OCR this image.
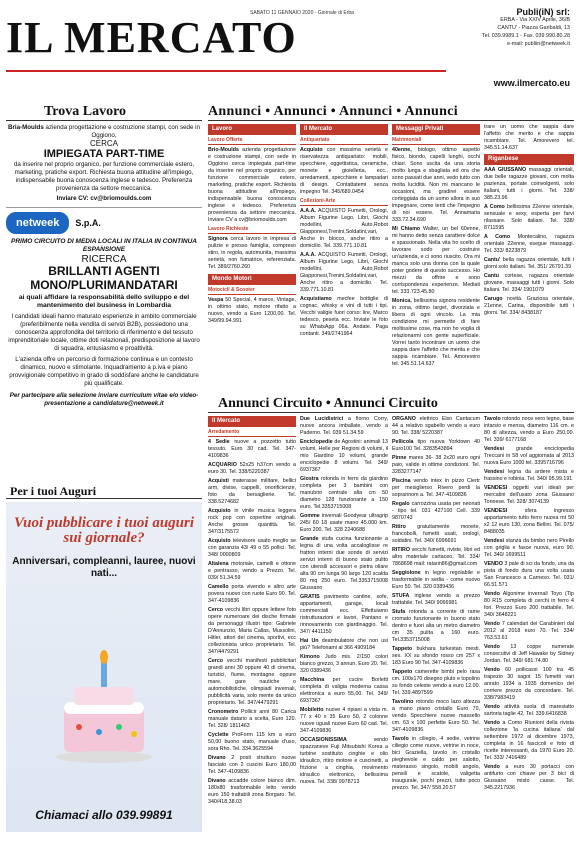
IL MERCATO
SABATO 11 GENNAIO 2020 - Giornale di Erba	Publi(iN) srl:
ERBA - Via XXIV Aprile, 36/B
CANTU' - Piazza Garibaldi, 13
Tel. 039.9989.1 - Fax. 039.990.80.28
e-mail: publiin@netweek.it
www.ilmercato.eu
Trova Lavoro	Annunci • Annunci • Annunci • Annunci
Bria-Moulds azienda progettazione e costruzione stampi, con sede in Oggiono,
CERCA
IMPIEGATA PART-TIME
da inserire nel proprio organico, per funzione commerciale estero, marketing, pratiche export. Richiesta buona attitudine all'impiego, indispensabile buona conoscenza inglese e tedesco. Preferenza provenienza da settore meccanica.
Inviare CV: cv@briomoulds.com
netweek	S.p.A.
PRIMO CIRCUITO DI MEDIA LOCALI IN ITALIA IN CONTINUA ESPANSIONE
RICERCA
BRILLANTI AGENTI MONO/PLURIMANDATARI
ai quali affidare la responsabilità dello sviluppo e del mantenimento del business in Lombardia
I candidati ideali hanno maturato esperienze in ambito commerciale (preferibilmente nella vendita di servizi B2B), possiedono una conoscenza approfondita del territorio di riferimento e del tessuto imprenditoriale locale, ottime doti relazionali, predisposizione al lavoro di squadra, entusiasmo e proattività.
L'azienda offre un percorso di formazione continua e un contesto dinamico, nuovo e stimolante. Inquadramento a p.iva e piano provvigionale competitivo in grado di soddisfare anche le candidature più qualificate.
Per partecipare alla selezione inviare curriculum vitae e/o video-presentazione a candidature@netweek.it
Per i tuoi Auguri
Vuoi pubblicare i tuoi auguri sui giornale?
Anniversari, compleanni, lauree, nuovi nati...
Chiamaci allo 039.99891
Lavoro
Lavoro Offerte

Brio-Moulds azienda progettazione e costruzione stampi, con sede in Oggiono cerca impiegata part-time da inserire nel proprio organico, per funzione commerciale estero, marketing, pratiche export. Richiesta buona attitudine all'impiego, indispensabile buona conoscenza inglese e tedesco. Preferenza provenienza da settore meccanica. Inviare CV a cv@briomoulds.com

Lavoro Richieste

Signora cerca lavoro in impresa di pulizie e presso famiglia, compreso stiro, in regola, automunita, massima serietà, non fumatrice, referenziata. Tel. 389/2760.260

Mondo Motori
Motocicli & Scooter

Vespa 50 Special, 4 marce, Vintage, in ottimo stato, motore rifatto a nuovo, vendo a Euro 1200,00. Tel. 349/99.94.991

Il Mercato
Antiquariato

Acquisto con massima serietà e riservatezza antiquariato: mobili, specchiere, oggettistica, ceramiche, monete e gioielleria, ecc., arredamenti, specchiere e lampadari di design. Contattatemi senza impegno Tel. 345/689.0454

Collezioni-Arte

A.A.A. ACQUISTO Fumetti, Orologi, Album Figurine Lego, Libri, Giochi modellini, Auto,Robot Giapponesi,Trenini,Soldatini,vari, Anche in blocco, anche ritiro a domicilio. Tel. 339.771.10.81

A.A.A. ACQUISTO Fumetti, Orologi, Album Figurine Lego, Libri, Giochi modellini, Auto,Robot Giapponesi,Trenini,Soldatini,vari, Anche ritiro a domicilio. Tel. 339.771.10.81

Acquistiamo mecfee bottiglie di cognac, whisky e vini di tutti i tipi. Vecchi valigie fuori corso: lire, Marco tedesco, peseta ecc. Inviate le foto su WhatsApp 06a. Andate. Paga contanti. 349/2741964

Messaggi Privati
Matrimoniali

40enne, biologo, ottimo aspetto fisico, biondo, capelli lunghi, occhi chiari. Sono uscita da una storia molto lunga e sbagliata ed ora che sono passati due anni, vedo tutto con molta lucidità. Non mi mancano le occasioni, ma gradirei essere corteggiata da un uomo allora in suo impegnare, come tenti che l'impegno di noi essere. Tel. Annamaria 333.72.34.690

Mi Chiamo Walter, un bel 60enne, mi hanno detto senza carattere dolce e spassionato. Nella vita ho scelto di lavorare sodo per costruire un'azienda, e ci sono riuscito. Ora mi manca solo una donna con la quale poter godere di questo successo. Ho mezzi da offrire e sono corrispondenza esperienze. Mediati tel. 333.723.45.80

Monica, bellissima signora residente in zona, ottimo target, divorziata e libera di ogni vincolo. La mia condizione mi permette di fare moltissime cose, ma non ho voglia di relazionarmi con gente superficiale. Vorrei tanto incontrare un uomo che sappia dare l'affetto che merita e che sappia ricambiare. Tel. Amorevero tel. 345.51.14.637

trare un uomo che sappia dare l'affetto che merito e che sappia ricambiare. Tel. Amorevero tel. 345.51.14.637

Riganbese

AAA GIUSSANO massaggi orientali, due belle ragazze giovani, con molta pazienza, portate coinvolgenti, solo italiani, tutti i giorni. Tel. 338/ 385.23.96

A Como bellissima 22enne orientale, sensuale e sexy, esperta per farvi rilassare. Solo italiani. Tel. 338/ 8711595

A Como Montecalino, ragazza orientale 22enne, esegue massaggi. Tel. 333/ 8223879

Cantu' bella ragazza orientale, tutti i giorni solo italiani. Tel. 351/ 26791.39

Cantu cortese, ragazza orientale giovane, massaggi tutti i giorni. Solo italiani. Tel. 334/ 1901079

Carugo novità. Graziosa orientale, 21enne, Carina, disponibile tutti i giorni. Tel. 334/ 8438187

Annunci Circuito • Annunci Circuito
Il Mercato
Arredamento

4 Sedie nuove a pozzetto tutto tessuto. Euro 30 cad. Tel. 347-4109836

ACQUARIO 52x25 h37cm vendo a euro 30. Tel. 338/5220387

Acquisti materasse militare, bellici arm, divise, cappelli, onorificienze, foto da bersaglierie. Tel. 338.5274682

Acquisto in vinile musica leggera rock pop con copertine originali. Anche grosse quantità. Tel. 347/3175572

Acquisto televisore usato meglio se con garanzia 43/ 49 o 55 pollici. Tel. 348/ 0000809

Altalena motoriale, camelli e ottone e pentrasso, vendo a Prezzo. Tel. 039/ 51.34.59

Camello porta vivendo e altro arte povera nuovo con ruote Euro 90. Tel. 347-4109836

Cerco vecchi libri oppure lettere foto opere numeroare dei dische firmate da personaggi illustri tipo: Gabriele D'Annunzio, Maria Callas, Mussolini, Hitler, attori del cinema, sportivi, ecc collezionista unico proprietario. Tel. 347/4479291

Cerco vecchi manifesti pubblicitari grandi anni 30 oppure 40 di cinema, turistici, fiume, montagne oppure mare, gare nautiche o automobilistiche, olimpiadi invernali, pubblicità varia, solo mente da unico proprietario. Tel. 347/4479291

Cronometro Pollicir anni 80 Carica manuale datario a scelta, Euro 120. Tel. 328/ 1811463

Cyclette ProForm 115 km a euro 50,00 buono stato, manuale d'uso, sora Rho. Tel. 334.3625594

Divano 2 posti strutturo nuove fasciato con 2 cuscini Euro 180,00 Tel. 347-4109836

Divano accadde colore bianco dim. 180x80 trasformabile letto vendo euro 150 trattabili zona Borgaro. Tel. 340/418.38.03

Due Lucidistrici a fiorno Corry, nuove ancora imballate, vendo a Paderno. Tel. 039 51.34.59

Enciclopedie de Agostini: animali 13 volumi, Helle per Regioni di volumi, il mio Giardino 10 volumi, grande enciclopedie 8 volumi. Tel. 349/ 6937367

Giostra rotonda in ferro da giardino completa per 3 bambini con manubrio centrale alta cm 50 diametro 128 funzionante a 150 euro. Tel.3353715008

Gomme invernali Goodyear ultragrip 245/ 60 18 usate mano 45.000 km. Euro 200. Tel. 328 2240688

Grande stufa cucina funzionante a legna di una volta accaloglisse re fratton interni due sonde di servizi servizi interni di buono stato pulito con utensili accessori e pietra oliare alta 90 cm lunga 90 largo 120 scalda 80 mq 250 euro. Tel.3353715008 Giussano

GRATIS pavimento cantine, sofe, appartamenti, garage, locali commerciali ecc. Effettuiamo ristrutturazioni e lavori, Pantano e rinnovamento con giardinaggio. Tel. 347/ 4411150

Hai Un deambulatore che non usi più? Telefonami al 366 4909184

Kimono Judo mis. 2/150 colori bianco grezzo, 3 annun. Euro 20. Tel. 320 0389436

Macchina per cucire Borletti completa di valigia moderna cassa elettronica a euro 55,00. Tel. 349/ 6937367

Mobiletto nuove 4 ripiani a vista m. 77 x 40 x 35 Euro 50, 2 colonne nuove uguali nuove Euro 60 cad. Tel. 347-4109836

OCCASIONISSIMA	vendo spazzaneve Fuji Mitsubishi Korea a turbine sostituito cinghie e olio idraulico, ritiro motore e cuscinetti, a frizione a cinghia, movimento idraulico elettronico, bellissima nuova. Tel. 338/ 9978713

ORGANO elettrico Elso Cantacum 44 a relativo sgabello vendo a euro 90. Tel. 338/ 5220387

Pellicola tipo nuova Yorktown 40 Euro100 Tel. 3283543894

Pinne mares 36- 38 2x20 euro ogni paio, valide in ottime condizioni. Tel. 3283277147

Piscina vendo intex in pizzo Ciertr per mesiglierso Rivero perdi la soprannom a. Tel. 347-4109836

Regalo carrozzina usata per neonati - tipo tel. 031 427100 Cell. 339 9870743

Ritiro gratuitamente monete, francobolli, fumetti usati, orologi, soldatini. Tel. 340/ 6996691

RITIRO vecchi fumetti, riviste, libri ed altro materiale cartaceo. Tel. 334/ 7868698 mail: ratarin86@gmail.com

Seggiolone in legno regolabile e trasformabile in sedia - come nuovo Euro 50. Tel. 320 0389436

STUFA inglese vendo a prezzo trattabile. Tel. 340/ 9066981

Stufa rotonda a corrente di rame cromato funzionante in buono stato dentro e fuori alta un metro diametro cm 35 pulita a 160 euro. Tel.3353715008

Tappeto bukhara turkestan mesti. sex. XX su sfondo rosso cm 257 x 183 Euro 90 Tel. 347-4109836

Tappeto camerette bimbi pelo rasa cm. 100x170 disegno pluto e topolino su fondo celeste vendo a euro 12.00. Tel. 339.4897599

Tavolino rotondo moco lazo altezza a mano piano cristallo Euro 70, vendo Specchiere nuove massello cm. 63 x 100 perfette Euro 50. Tel. 347-4109836

Tavolo in ciliegio, 4 sedie, vetrine ciliegio come nuove, vetrine in noce, bici Graziella, tavolo in cristallo pieghevole e caldo per salotto, materasso singolo, mobili angolo, pensili e scatole, valigetta inaugurale, pochi prezzi, tutto poco prezzo. Tel. 347/ 558.20.57

Tavolo rotondo noce vero legno, base intarsio e mensa, diametro 116 cm. e 80 di altezza, vendo a Euro 250,00. Tel. 339/ 6177168

Vendesi grande enciclopedia Treccani in 58 vol aggiornata al 2013 nuova Euro 1000 tel. 3395716796

Vendesi legna da ardere mista e frassino e robinia. Tel. 340/ 95.99.191

VENDESI oggetti vari ideali per mercatini dell'usato zona Giussano Tonnese. Tel. 328/ 3074139

VENDESI	sfera ingresso appartamento tutto ferro nuova mt 50 x2 12 euro 130, zona Bellini. Tel. 075/ 8488035

Vendesi stanza da bimbo nero Pirello con griglia e fasce nuova, euro 90. Tel. 340/ 1699511

VENDO 3 pale di sci da fondo, una da pista di fondo dura una volta usata San Francesco a Carneso. Tel. 031/ 66.51.571

Vendo Algonime invernali Toyo (Tip 80 R15 completa di cerchi in ferro 4 fori. Prezzo Euro 200 trattabile. Tel. 340/ 3648221

Vendo 7 calendari dei Carabinieri dal 2012 al 2018 euro 70. Tel. 334/ 763.53.61

Vendo 13 coppe numerate consecutivi di Jeff Hawake by Sidney Jordan. Tel. 349/ 681.74.80

Vendo 60 pollicassi 100 tra 45 trapezio 30 sagot 15 fumetti vari anrato 1934 a 1935 domenico del corriere prezzo da concordare. Tel. 338/7983419

Vendo attività suola di maresiatto sartoria taglie 42. Tel. 339.6416838

Vendo a Como Riunioni della rivista collezione 'la cucina italiana' dal settembre 1972 al dicembre 1973, completa in 16 fascicoli e foto di ricette interessanti, da 1970 Euro 20. Tel. 333/ 7416489

Vendo a euro 30 portacci con antifurto con chiave per 3 bici di Giussano misto casse. Tel. 345.2217936
